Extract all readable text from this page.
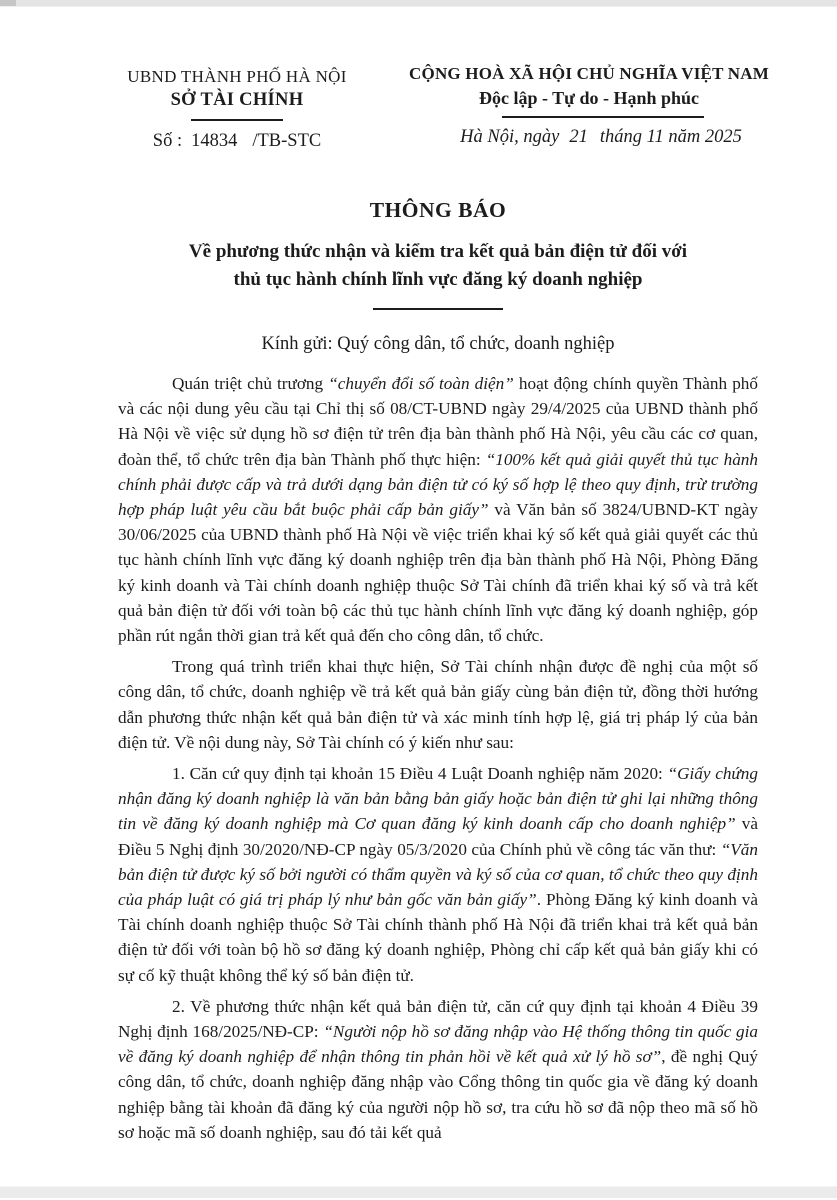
UBND THÀNH PHỐ HÀ NỘI
SỞ TÀI CHÍNH
Số : 14834 /TB-STC
CỘNG HOÀ XÃ HỘI CHỦ NGHĨA VIỆT NAM
Độc lập - Tự do - Hạnh phúc
Hà Nội, ngày 21 tháng 11 năm 2025
THÔNG BÁO
Về phương thức nhận và kiểm tra kết quả bản điện tử đối với
thủ tục hành chính lĩnh vực đăng ký doanh nghiệp
Kính gửi: Quý công dân, tổ chức, doanh nghiệp

Quán triệt chủ trương “chuyển đổi số toàn diện” hoạt động chính quyền Thành phố và các nội dung yêu cầu tại Chỉ thị số 08/CT-UBND ngày 29/4/2025 của UBND thành phố Hà Nội về việc sử dụng hồ sơ điện tử trên địa bàn thành phố Hà Nội, yêu cầu các cơ quan, đoàn thể, tổ chức trên địa bàn Thành phố thực hiện: “100% kết quả giải quyết thủ tục hành chính phải được cấp và trả dưới dạng bản điện tử có ký số hợp lệ theo quy định, trừ trường hợp pháp luật yêu cầu bắt buộc phải cấp bản giấy” và Văn bản số 3824/UBND-KT ngày 30/06/2025 của UBND thành phố Hà Nội về việc triển khai ký số kết quả giải quyết các thủ tục hành chính lĩnh vực đăng ký doanh nghiệp trên địa bàn thành phố Hà Nội, Phòng Đăng ký kinh doanh và Tài chính doanh nghiệp thuộc Sở Tài chính đã triển khai ký số và trả kết quả bản điện tử đối với toàn bộ các thủ tục hành chính lĩnh vực đăng ký doanh nghiệp, góp phần rút ngắn thời gian trả kết quả đến cho công dân, tổ chức.

Trong quá trình triển khai thực hiện, Sở Tài chính nhận được đề nghị của một số công dân, tổ chức, doanh nghiệp về trả kết quả bản giấy cùng bản điện tử, đồng thời hướng dẫn phương thức nhận kết quả bản điện tử và xác minh tính hợp lệ, giá trị pháp lý của bản điện tử. Về nội dung này, Sở Tài chính có ý kiến như sau:

1. Căn cứ quy định tại khoản 15 Điều 4 Luật Doanh nghiệp năm 2020: “Giấy chứng nhận đăng ký doanh nghiệp là văn bản bằng bản giấy hoặc bản điện tử ghi lại những thông tin về đăng ký doanh nghiệp mà Cơ quan đăng ký kinh doanh cấp cho doanh nghiệp” và Điều 5 Nghị định 30/2020/NĐ-CP ngày 05/3/2020 của Chính phủ về công tác văn thư: “Văn bản điện tử được ký số bởi người có thẩm quyền và ký số của cơ quan, tổ chức theo quy định của pháp luật có giá trị pháp lý như bản gốc văn bản giấy”. Phòng Đăng ký kinh doanh và Tài chính doanh nghiệp thuộc Sở Tài chính thành phố Hà Nội đã triển khai trả kết quả bản điện tử đối với toàn bộ hồ sơ đăng ký doanh nghiệp, Phòng chỉ cấp kết quả bản giấy khi có sự cố kỹ thuật không thể ký số bản điện tử.

2. Về phương thức nhận kết quả bản điện tử, căn cứ quy định tại khoản 4 Điều 39 Nghị định 168/2025/NĐ-CP: “Người nộp hồ sơ đăng nhập vào Hệ thống thông tin quốc gia về đăng ký doanh nghiệp để nhận thông tin phản hồi về kết quả xử lý hồ sơ”, đề nghị Quý công dân, tổ chức, doanh nghiệp đăng nhập vào Cổng thông tin quốc gia về đăng ký doanh nghiệp bằng tài khoản đã đăng ký của người nộp hồ sơ, tra cứu hồ sơ đã nộp theo mã số hồ sơ hoặc mã số doanh nghiệp, sau đó tải kết quả
